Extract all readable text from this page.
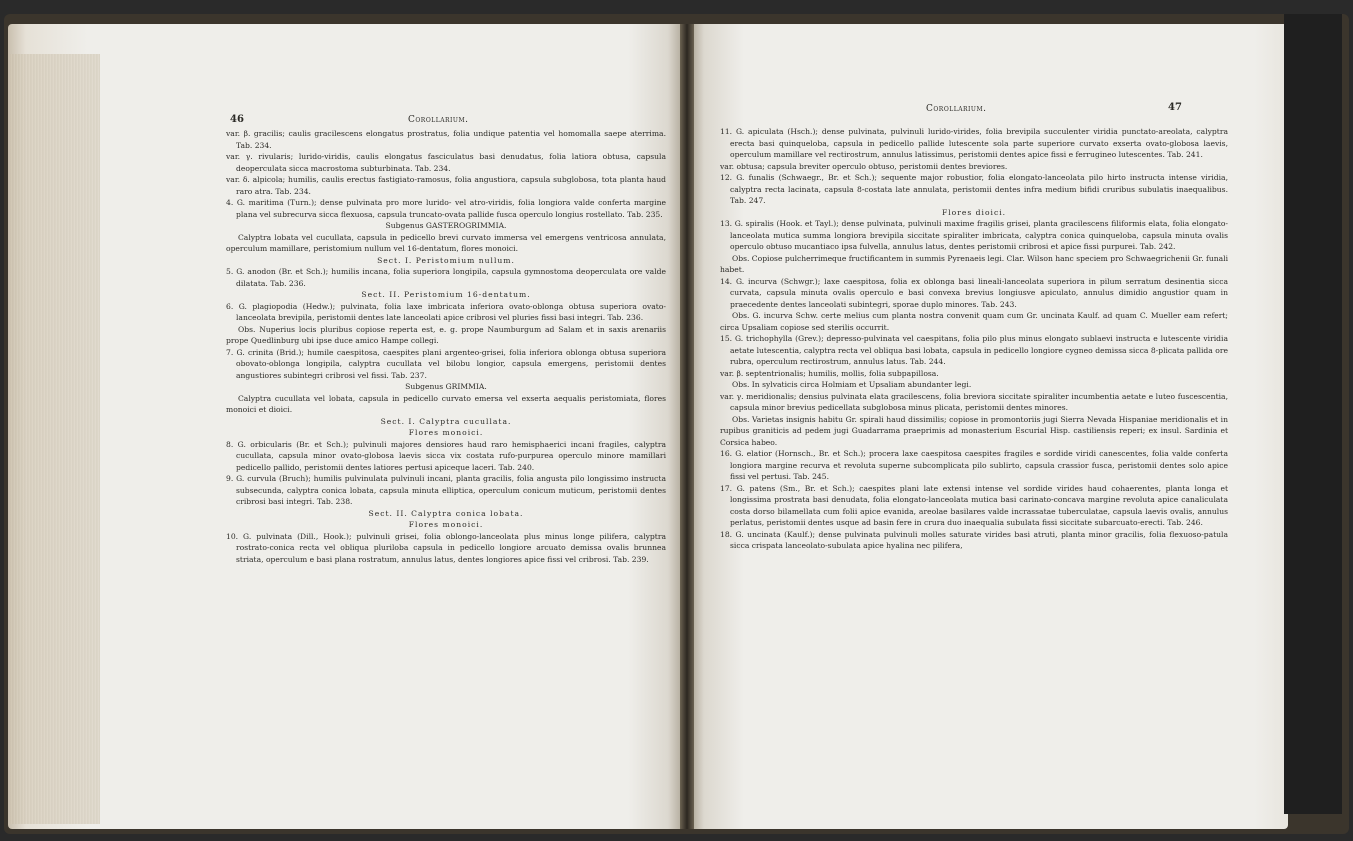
46	Corollarium.

var. β. gracilis; caulis gracilescens elongatus prostratus, folia undique patentia vel homomalla saepe aterrima. Tab. 234.

var. γ. rivularis; lurido-viridis, caulis elongatus fasciculatus basi denudatus, folia latiora obtusa, capsula deoperculata sicca macrostoma subturbinata. Tab. 234.

var. δ. alpicola; humilis, caulis erectus fastigiato-ramosus, folia angustiora, capsula subglobosa, tota planta haud raro atra. Tab. 234.

4. G. maritima (Turn.); dense pulvinata pro more lurido- vel atro-viridis, folia longiora valde conferta margine plana vel subrecurva sicca flexuosa, capsula truncato-ovata pallide fusca operculo longius rostellato. Tab. 235.

Subgenus GASTEROGRIMMIA.

Calyptra lobata vel cucullata, capsula in pedicello brevi curvato immersa vel emergens ventricosa annulata, operculum mamillare, peristomium nullum vel 16-dentatum, flores monoici.

Sect. I. Peristomium nullum.

5. G. anodon (Br. et Sch.); humilis incana, folia superiora longipila, capsula gymnostoma deoperculata ore valde dilatata. Tab. 236.

Sect. II. Peristomium 16-dentatum.

6. G. plagiopodia (Hedw.); pulvinata, folia laxe imbricata inferiora ovato-oblonga obtusa superiora ovato-lanceolata brevipila, peristomii dentes late lanceolati apice cribrosi vel pluries fissi basi integri. Tab. 236.

Obs. Nuperius locis pluribus copiose reperta est, e. g. prope Naumburgum ad Salam et in saxis arenariis prope Quedlinburg ubi ipse duce amico Hampe collegi.

7. G. crinita (Brid.); humile caespitosa, caespites plani argenteo-grisei, folia inferiora oblonga obtusa superiora obovato-oblonga longipila, calyptra cucullata vel bilobu longior, capsula emergens, peristomii dentes angustiores subintegri cribrosi vel fissi. Tab. 237.

Subgenus GRIMMIA.

Calyptra cucullata vel lobata, capsula in pedicello curvato emersa vel exserta aequalis peristomiata, flores monoici et dioici.

Sect. I. Calyptra cucullata.

Flores monoici.

8. G. orbicularis (Br. et Sch.); pulvinuli majores densiores haud raro hemisphaerici incani fragiles, calyptra cucullata, capsula minor ovato-globosa laevis sicca vix costata rufo-purpurea operculo minore mamillari pedicello pallido, peristomii dentes latiores pertusi apiceque laceri. Tab. 240.

9. G. curvula (Bruch); humilis pulvinulata pulvinuli incani, planta gracilis, folia angusta pilo longissimo instructa subsecunda, calyptra conica lobata, capsula minuta elliptica, operculum conicum muticum, peristomii dentes cribrosi basi integri. Tab. 238.

Sect. II. Calyptra conica lobata.

Flores monoici.

10. G. pulvinata (Dill., Hook.); pulvinuli grisei, folia oblongo-lanceolata plus minus longe pilifera, calyptra rostrato-conica recta vel obliqua pluriloba capsula in pedicello longiore arcuato demissa ovalis brunnea striata, operculum e basi plana rostratum, annulus latus, dentes longiores apice fissi vel cribrosi. Tab. 239.

47
Corollarium.

11. G. apiculata (Hsch.); dense pulvinata, pulvinuli lurido-virides, folia brevipila succulenter viridia punctato-areolata, calyptra erecta basi quinqueloba, capsula in pedicello pallide lutescente sola parte superiore curvato exserta ovato-globosa laevis, operculum mamillare vel rectirostrum, annulus latissimus, peristomii dentes apice fissi e ferrugineo lutescentes. Tab. 241.

var. obtusa; capsula breviter operculo obtuso, peristomii dentes breviores.

12. G. funalis (Schwaegr., Br. et Sch.); sequente major robustior, folia elongato-lanceolata pilo hirto instructa intense viridia, calyptra recta lacinata, capsula 8-costata late annulata, peristomii dentes infra medium bifidi cruribus subulatis inaequalibus. Tab. 247.

Flores dioici.

13. G. spiralis (Hook. et Tayl.); dense pulvinata, pulvinuli maxime fragilis grisei, planta gracilescens filiformis elata, folia elongato-lanceolata mutica summa longiora brevipila siccitate spiraliter imbricata, calyptra conica quinqueloba, capsula minuta ovalis operculo obtuso mucantiaco ipsa fulvella, annulus latus, dentes peristomii cribrosi et apice fissi purpurei. Tab. 242.

Obs. Copiose pulcherrimeque fructificantem in summis Pyrenaeis legi. Clar. Wilson hanc speciem pro Schwaegrichenii Gr. funali habet.

14. G. incurva (Schwgr.); laxe caespitosa, folia ex oblonga basi lineali-lanceolata superiora in pilum serratum desinentia sicca curvata, capsula minuta ovalis operculo e basi convexa brevius longiusve apiculato, annulus dimidio angustior quam in praecedente dentes lanceolati subintegri, sporae duplo minores. Tab. 243.

Obs. G. incurva Schw. certe melius cum planta nostra convenit quam cum Gr. uncinata Kaulf. ad quam C. Mueller eam refert; circa Upsaliam copiose sed sterilis occurrit.

15. G. trichophylla (Grev.); depresso-pulvinata vel caespitans, folia pilo plus minus elongato sublaevi instructa e lutescente viridia aetate lutescentia, calyptra recta vel obliqua basi lobata, capsula in pedicello longiore cygneo demissa sicca 8-plicata pallida ore rubra, operculum rectirostrum, annulus latus. Tab. 244.

var. β. septentrionalis; humilis, mollis, folia subpapillosa.

Obs. In sylvaticis circa Holmiam et Upsaliam abundanter legi.

var. γ. meridionalis; densius pulvinata elata gracilescens, folia breviora siccitate spiraliter incumbentia aetate e luteo fuscescentia, capsula minor brevius pedicellata subglobosa minus plicata, peristomii dentes minores.

Obs. Varietas insignis habitu Gr. spirali haud dissimilis; copiose in promontoriis jugi Sierra Nevada Hispaniae meridionalis et in rupibus graniticis ad pedem jugi Guadarrama praeprimis ad monasterium Escurial Hisp. castiliensis reperi; ex insul. Sardinia et Corsica habeo.

16. G. elatior (Hornsch., Br. et Sch.); procera laxe caespitosa caespites fragiles e sordide viridi canescentes, folia valde conferta longiora margine recurva et revoluta superne subcomplicata pilo sublirto, capsula crassior fusca, peristomii dentes solo apice fissi vel pertusi. Tab. 245.

17. G. patens (Sm., Br. et Sch.); caespites plani late extensi intense vel sordide virides haud cohaerentes, planta longa et longissima prostrata basi denudata, folia elongato-lanceolata mutica basi carinato-concava margine revoluta apice canaliculata costa dorso bilamellata cum folii apice evanida, areolae basilares valde incrassatae tuberculatae, capsula laevis ovalis, annulus perlatus, peristomii dentes usque ad basin fere in crura duo inaequalia subulata fissi siccitate subarcuato-erecti. Tab. 246.

18. G. uncinata (Kaulf.); dense pulvinata pulvinuli molles saturate virides basi atruti, planta minor gracilis, folia flexuoso-patula sicca crispata lanceolato-subulata apice hyalina nec pilifera,
